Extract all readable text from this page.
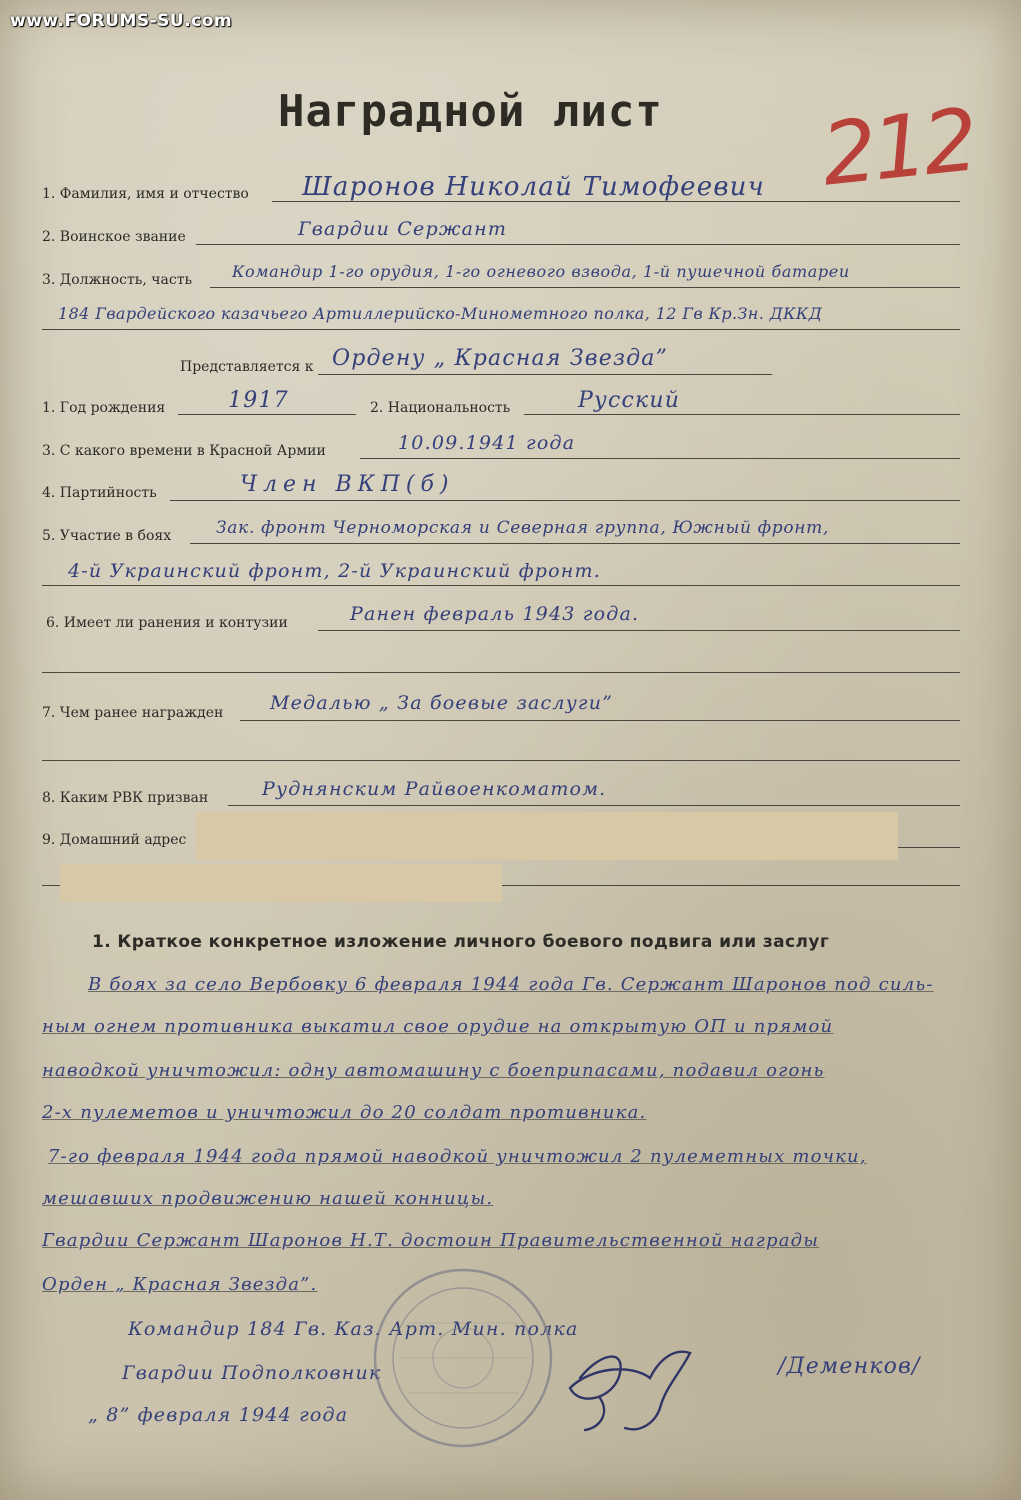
www.FORUMS-SU.com
Наградной лист 212
1. Фамилия, имя и отчество Шаронов Николай Тимофеевич
2. Воинское звание	Гвардии Сержант
3. Должность, часть Командир 1-го орудия, 1-го огневого взвода, 1-й пушечной батареи
184 Гвардейского казачьего Артиллерийско-Минометного полка, 12 Гв Кр.Зн. ДККД
Представляется к Ордену „ Красная Звезда”
1. Год рождения	1917	2. Национальность	Русский
3. С какого времени в Красной Армии	10.09.1941 года
4. Партийность	Член ВКП(б)
5. Участие в боях	Зак. фронт Черноморская и Северная группа, Южный фронт,
4-й Украинский фронт, 2-й Украинский фронт.
6. Имеет ли ранения и контузии	Ранен февраль 1943 года.
7. Чем ранее награжден Медалью „ За боевые заслуги”
8. Каким РВК призван	Руднянским Райвоенкоматом.
9. Домашний адрес
1. Краткое конкретное изложение личного боевого подвига или заслуг
В боях за село Вербовку 6 февраля 1944 года Гв. Сержант Шаронов под силь-
ным огнем противника выкатил свое орудие на открытую ОП и прямой
наводкой уничтожил: одну автомашину с боеприпасами, подавил огонь
2-х пулеметов и уничтожил до 20 солдат противника.
7-го февраля 1944 года прямой наводкой уничтожил 2 пулеметных точки,
мешавших продвижению нашей конницы.
Гвардии Сержант Шаронов Н.Т. достоин Правительственной награды
Орден „ Красная Звезда”.
Командир 184 Гв. Каз. Арт. Мин. полка
Гвардии Подполковник	/Деменков/
„ 8” февраля 1944 года
